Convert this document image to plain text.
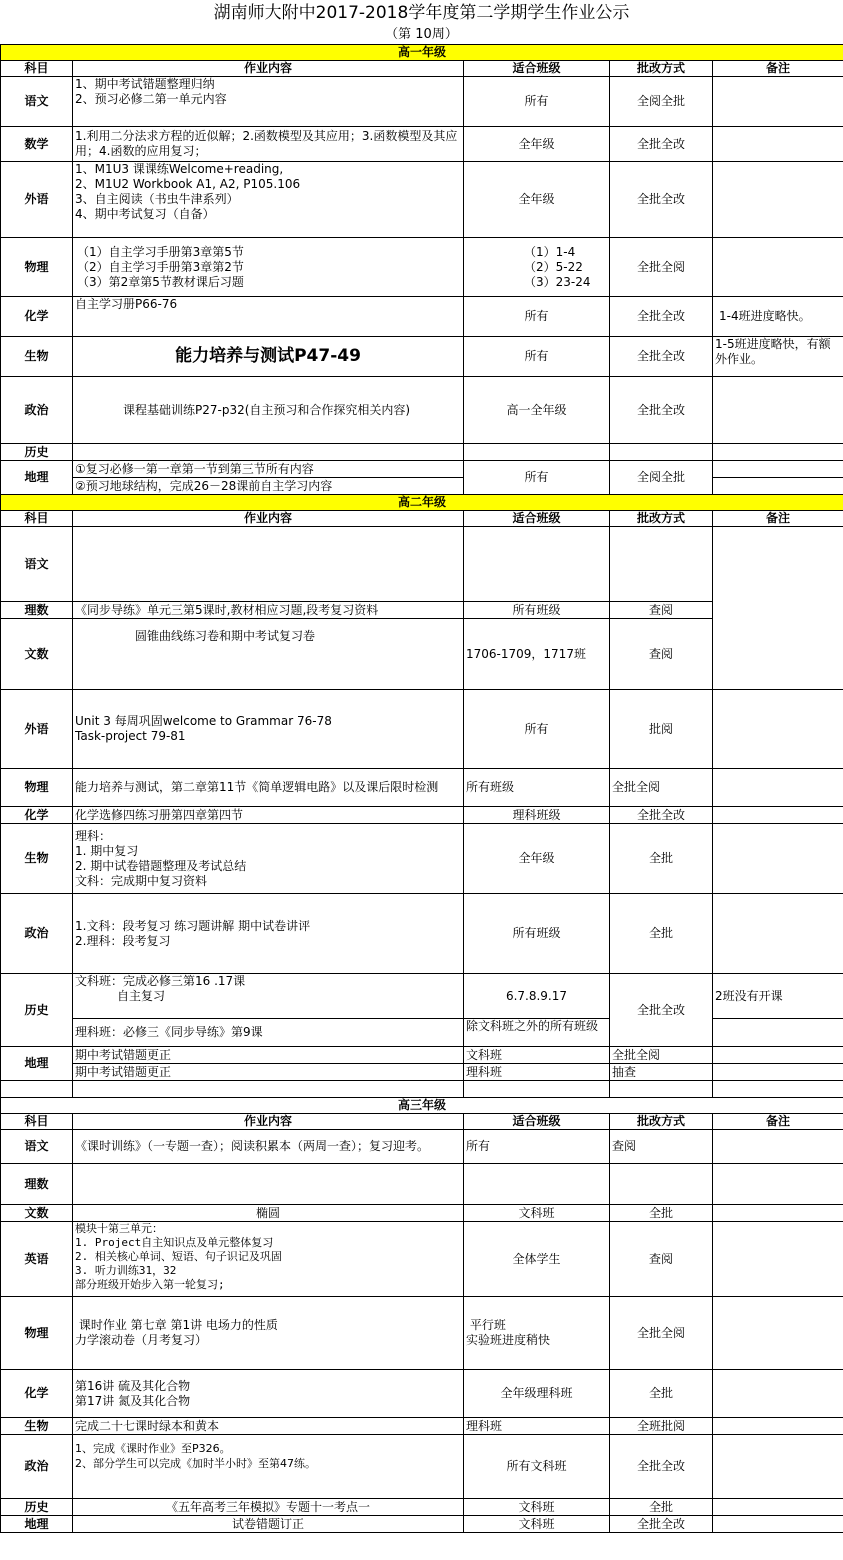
湖南师大附中2017-2018学年度第二学期学生作业公示
（第 10周）
高一年级				
科目	作业内容	适合班级	批改方式	备注
语文	1、期中考试错题整理归纳
2、预习必修二第一单元内容	所有	全阅全批	
数学	1.利用二分法求方程的近似解；2.函数模型及其应用；3.函数模型及其应用；4.函数的应用复习；	全年级	全批全改	
外语	1、M1U3 课课练Welcome+reading,
2、M1U2 Workbook A1, A2, P105.106
3、自主阅读（书虫牛津系列）
4、期中考试复习（自备）	全年级	全批全改	
物理	（1）自主学习手册第3章第5节
（2）自主学习手册第3章第2节
（3）第2章第5节教材课后习题	（1）1-4
（2）5-22
（3）23-24	全批全阅	
化学	自主学习册P66-76	所有	全批全改	1-4班进度略快。
生物	能力培养与测试P47-49	所有	全批全改	1-5班进度略快，有额外作业。
政治	课程基础训练P27-p32(自主预习和合作探究相关内容)	高一全年级	全批全改	
历史				
地理	①复习必修一第一章第一节到第三节所有内容	所有	全阅全批	
	②预习地球结构，完成26－28课前自主学习内容			
高二年级				
科目	作业内容	适合班级	批改方式	备注
语文				
理数	《同步导练》单元三第5课时,教材相应习题,段考复习资料	所有班级	查阅	
文数	圆锥曲线练习卷和期中考试复习卷	1706-1709，1717班	查阅	
外语	Unit 3 每周巩固welcome to Grammar 76-78
Task-project 79-81	所有	批阅	
物理	能力培养与测试，第二章第11节《简单逻辑电路》以及课后限时检测	所有班级	全批全阅	
化学	化学选修四练习册第四章第四节	理科班级	全批全改	
生物	理科：
1. 期中复习
2. 期中试卷错题整理及考试总结
文科：完成期中复习资料	全年级	全批	
政治	1.文科：段考复习 练习题讲解 期中试卷讲评
2.理科：段考复习	所有班级	全批	
历史	文科班：完成必修三第16 .17课
自主复习	6.7.8.9.17	全批全改	2班没有开课
	理科班：必修三《同步导练》第9课	除文科班之外的所有班级		
地理	期中考试错题更正	文科班	全批全阅	
	期中考试错题更正	理科班	抽查	

高三年级				
科目	作业内容	适合班级	批改方式	备注
语文	《课时训练》（一专题一查）；阅读积累本（两周一查）；复习迎考。	所有	查阅	
理数				
文数	椭圆	文科班	全批	
英语	模块十第三单元：
1. Project自主知识点及单元整体复习
2. 相关核心单词、短语、句子识记及巩固
3. 听力训练31，32
部分班级开始步入第一轮复习;	全体学生	查阅	
物理	课时作业 第七章 第1讲 电场力的性质
力学滚动卷（月考复习）	平行班
实验班进度稍快	全批全阅	
化学	第16讲 硫及其化合物
第17讲 氮及其化合物	全年级理科班	全批	
生物	完成二十七课时绿本和黄本	理科班	全班批阅	
政治	1、完成《课时作业》至P326。
2、部分学生可以完成《加时半小时》至第47练。	所有文科班	全批全改	
历史	《五年高考三年模拟》专题十一考点一	文科班	全批	
地理	试卷错题订正	文科班	全批全改	
